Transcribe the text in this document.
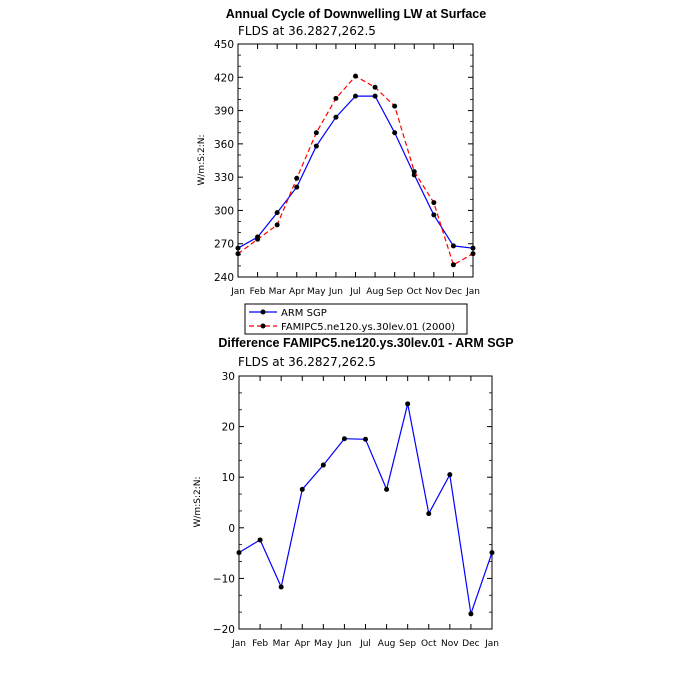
Annual Cycle of Downwelling LW at Surface
FLDS at 36.2827,262.5
W/m:S:2:N:
240
270
300
330
360
390
420
450
Jan Feb Mar Apr May Jun Jul Aug Sep Oct Nov Dec Jan
ARM SGP
FAMIPC5.ne120.ys.30lev.01 (2000)
Difference FAMIPC5.ne120.ys.30lev.01 - ARM SGP
FLDS at 36.2827,262.5
W/m:S:2:N:
−20
−10
0
10
20
30
Jan Feb Mar Apr May Jun Jul Aug Sep Oct Nov Dec Jan
